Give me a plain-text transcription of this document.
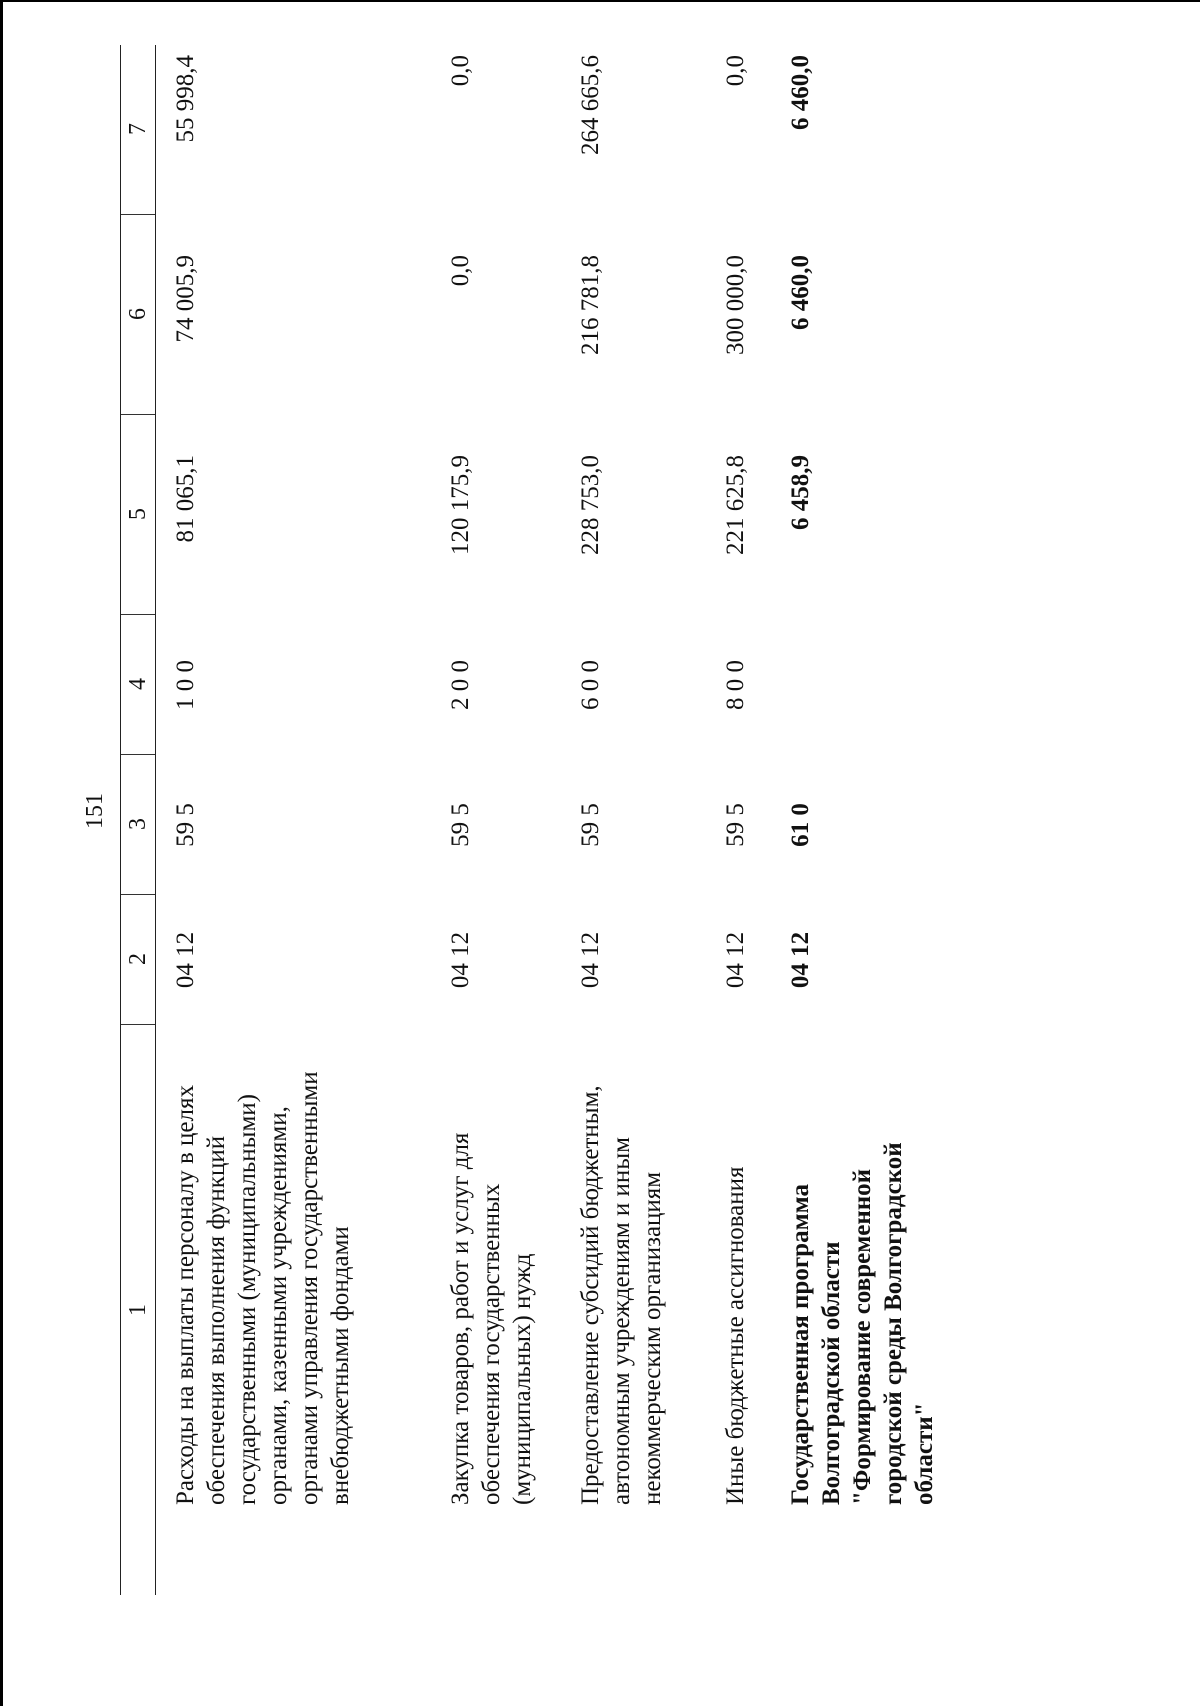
151
1
2
3
4
5
6
7
Расходы на выплаты персоналу в целях обеспечения выполнения функций государственными (муниципальными) органами, казенными учреждениями, органами управления государственными внебюджетными фондами
04 12
59 5
1 0 0
81 065,1
74 005,9
55 998,4
Закупка товаров, работ и услуг для обеспечения государственных (муниципальных) нужд
04 12
59 5
2 0 0
120 175,9
0,0
0,0
Предоставление субсидий бюджетным, автономным учреждениям и иным некоммерческим организациям
04 12
59 5
6 0 0
228 753,0
216 781,8
264 665,6
Иные бюджетные ассигнования
04 12
59 5
8 0 0
221 625,8
300 000,0
0,0
Государственная программа Волгоградской области "Формирование современной городской среды Волгоградской области"
04 12
61 0
6 458,9
6 460,0
6 460,0
